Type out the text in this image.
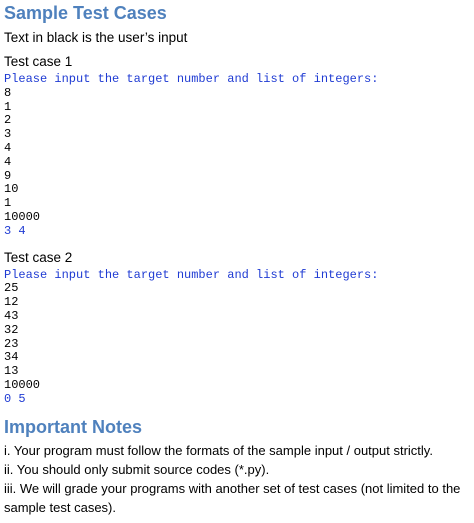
Sample Test Cases
Text in black is the user’s input
Test case 1
Please input the target number and list of integers:
8
1
2
3
4
4
9
10
1
10000
3 4
Test case 2
Please input the target number and list of integers:
25
12
43
32
23
34
13
10000
0 5
Important Notes
i. Your program must follow the formats of the sample input / output strictly.
ii. You should only submit source codes (*.py).
iii. We will grade your programs with another set of test cases (not limited to the sample test cases).
